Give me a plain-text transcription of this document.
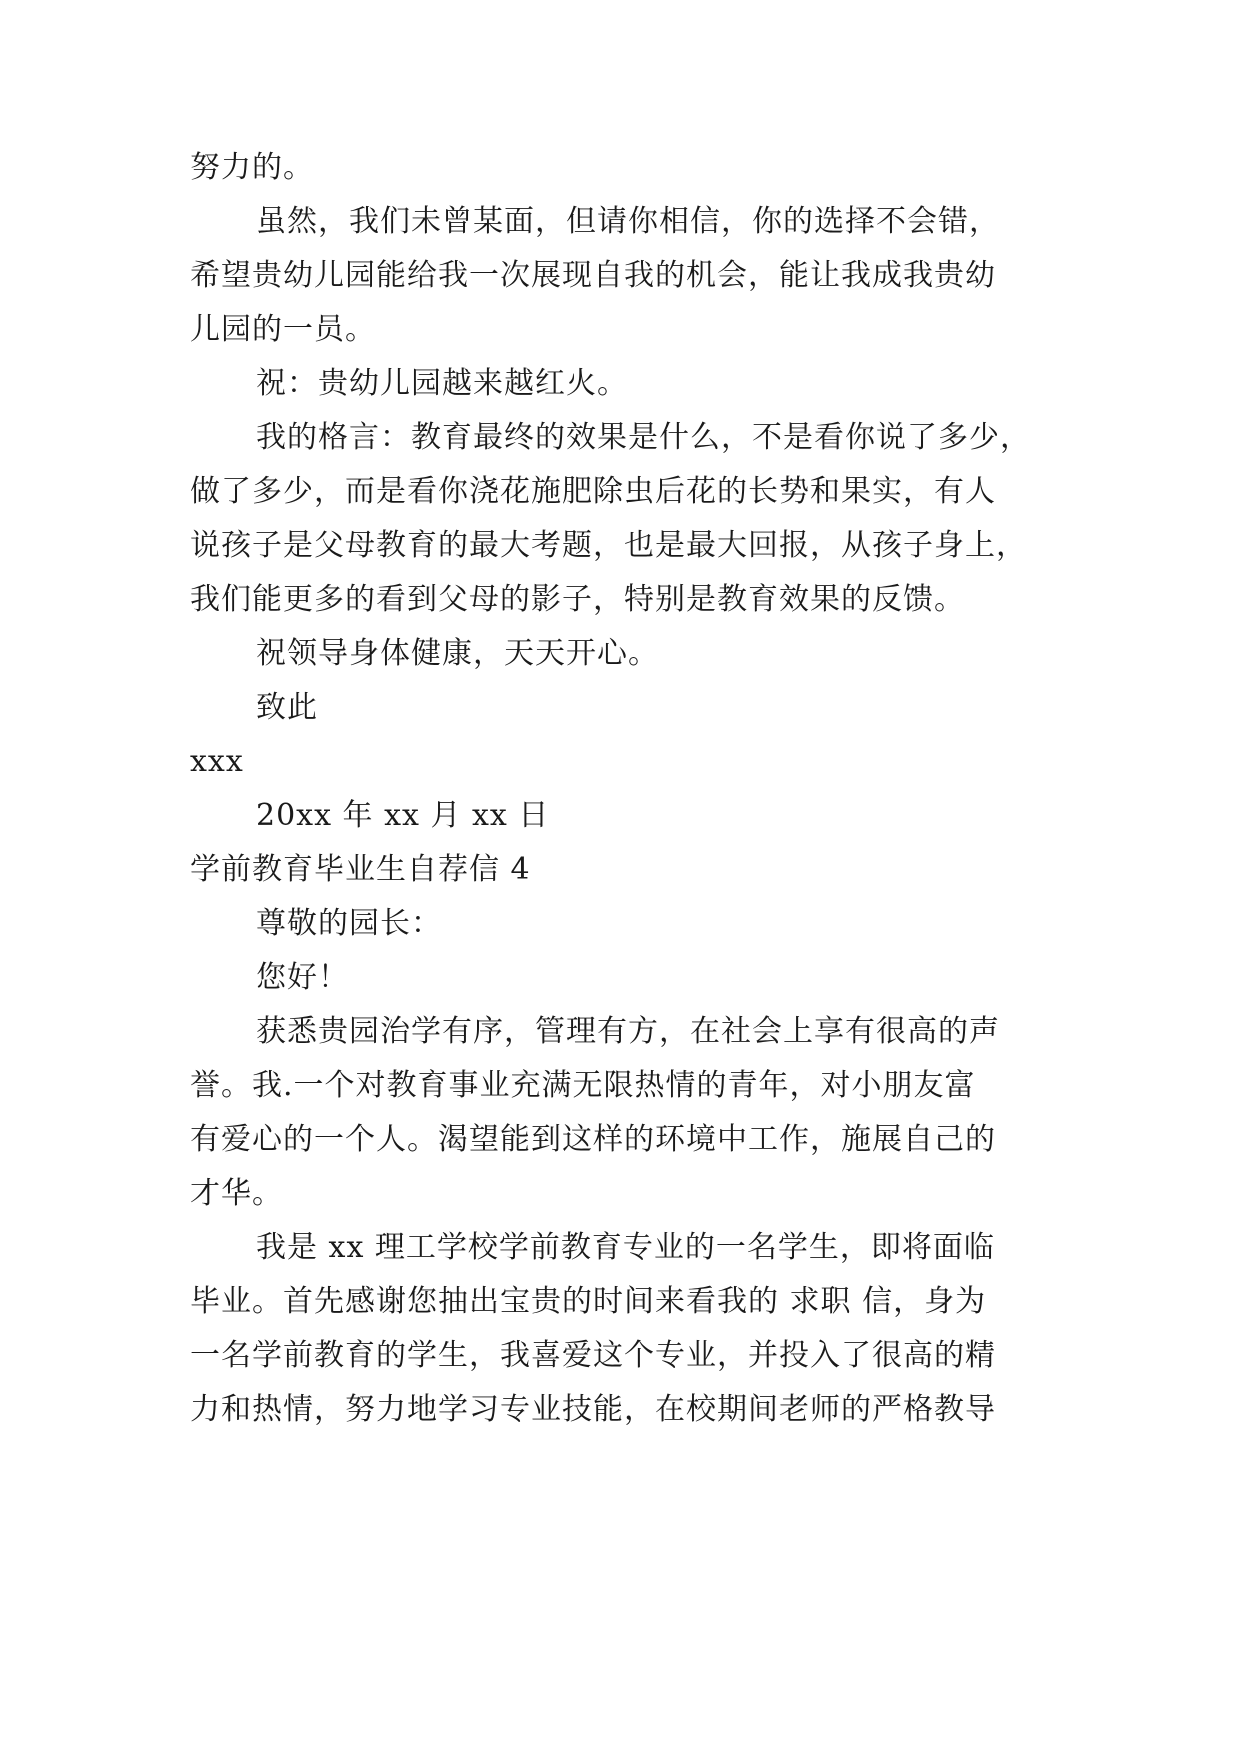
努力的。
虽然，我们未曾某面，但请你相信，你的选择不会错，
希望贵幼儿园能给我一次展现自我的机会，能让我成我贵幼
儿园的一员。
祝：贵幼儿园越来越红火。
我的格言：教育最终的效果是什么，不是看你说了多少，
做了多少，而是看你浇花施肥除虫后花的长势和果实，有人
说孩子是父母教育的最大考题，也是最大回报，从孩子身上，
我们能更多的看到父母的影子，特别是教育效果的反馈。
祝领导身体健康，天天开心。
致此
xxx
20xx 年 xx 月 xx 日
学前教育毕业生自荐信 4
尊敬的园长：
您好！
获悉贵园治学有序，管理有方，在社会上享有很高的声
誉。我.一个对教育事业充满无限热情的青年，对小朋友富
有爱心的一个人。渴望能到这样的环境中工作，施展自己的
才华。
我是 xx 理工学校学前教育专业的一名学生，即将面临
毕业。首先感谢您抽出宝贵的时间来看我的 求职 信，身为
一名学前教育的学生，我喜爱这个专业，并投入了很高的精
力和热情，努力地学习专业技能，在校期间老师的严格教导
